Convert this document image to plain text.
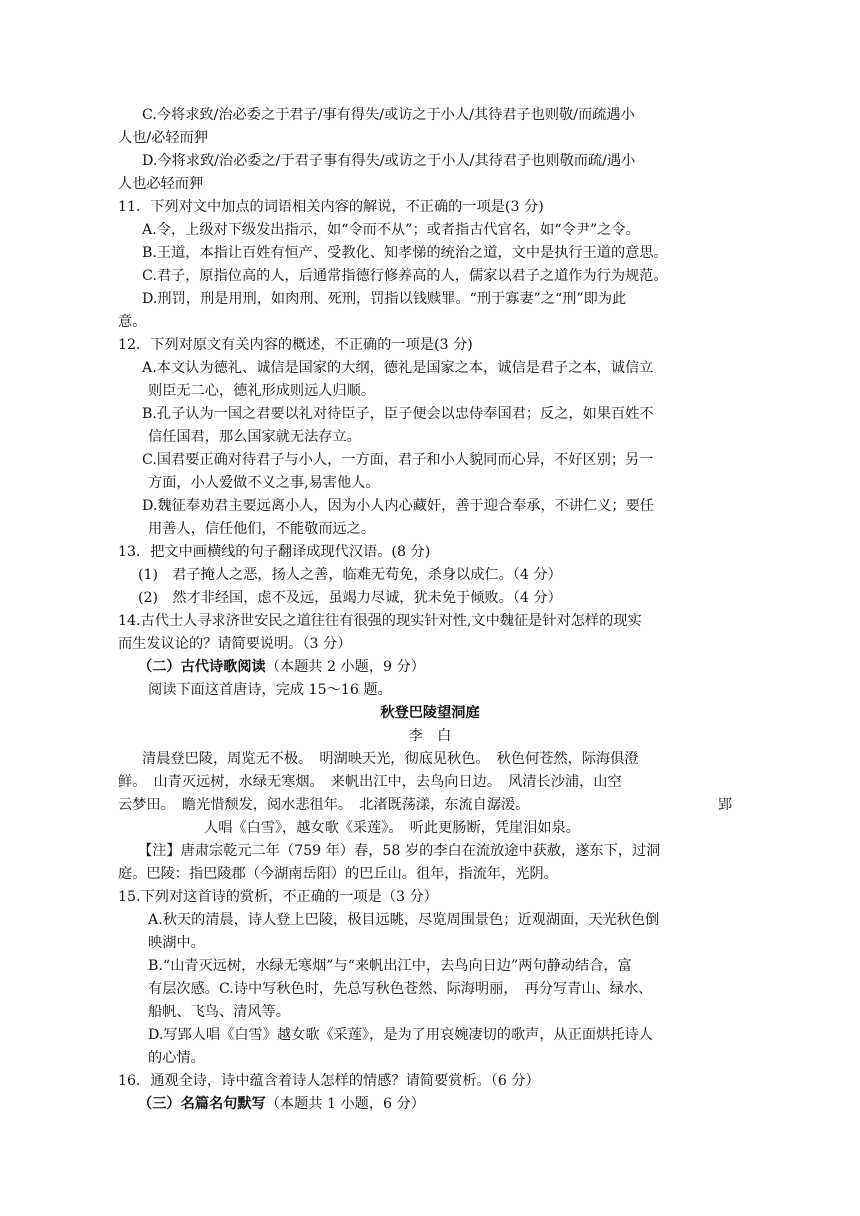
C.今将求致/治必委之于君子/事有得失/或访之于小人/其待君子也则敬/而疏遇小
人也/必轻而狎
D.今将求致/治必委之/于君子事有得失/或访之于小人/其待君子也则敬而疏/遇小
人也必轻而狎
11．下列对文中加点的词语相关内容的解说，不正确的一项是(3 分)
A.令，上级对下级发出指示，如“令而不从”；或者指古代官名，如“令尹”之令。
B.王道，本指让百姓有恒产、受教化、知孝悌的统治之道，文中是执行王道的意思。
C.君子，原指位高的人，后通常指德行修养高的人，儒家以君子之道作为行为规范。
D.刑罚，刑是用刑，如肉刑、死刑，罚指以钱赎罪。“刑于寡妻”之“刑”即为此
意。
12．下列对原文有关内容的概述，不正确的一项是(3 分)
A.本文认为德礼、诚信是国家的大纲，德礼是国家之本，诚信是君子之本，诚信立
则臣无二心，德礼形成则远人归顺。
B.孔子认为一国之君要以礼对待臣子，臣子便会以忠侍奉国君；反之，如果百姓不
信任国君，那么国家就无法存立。
C.国君要正确对待君子与小人，一方面，君子和小人貌同而心异，不好区别；另一
方面，小人爱做不义之事,易害他人。
D.魏征奉劝君主要远离小人，因为小人内心藏奸，善于迎合奉承，不讲仁义；要任
用善人，信任他们，不能敬而远之。
13．把文中画横线的句子翻译成现代汉语。(8 分)
(1)　君子掩人之恶，扬人之善，临难无苟免，杀身以成仁。（4 分）
(2)　然才非经国，虑不及远，虽竭力尽诚，犹未免于倾败。（4 分）
14.古代士人寻求济世安民之道往往有很强的现实针对性,文中魏征是针对怎样的现实
而生发议论的？请简要说明。（3 分）
（二）古代诗歌阅读（本题共 2 小题，9 分）
阅读下面这首唐诗，完成 15～16 题。
秋登巴陵望洞庭
李　白
清晨登巴陵，周览无不极。　明湖映天光，彻底见秋色。　秋色何苍然，际海俱澄
鲜。　山青灭远树，水绿无寒烟。　来帆出江中，去鸟向日边。　风清长沙浦，山空
云梦田。　瞻光惜颓发，阅水悲徂年。　北渚既荡漾，东流自潺湲。	郢
人唱《白雪》，越女歌《采莲》。　听此更肠断，凭崖泪如泉。
【注】唐肃宗乾元二年（759 年）春，58 岁的李白在流放途中获赦，遂东下，过洞
庭。巴陵：指巴陵郡（今湖南岳阳）的巴丘山。徂年，指流年，光阴。
15.下列对这首诗的赏析，不正确的一项是（3 分）
A.秋天的清晨，诗人登上巴陵，极目远眺，尽览周围景色；近观湖面，天光秋色倒
映湖中。
B.“山青灭远树，水绿无寒烟”与“来帆出江中，去鸟向日边”两句静动结合，富
有层次感。C.诗中写秋色时，先总写秋色苍然、际海明丽，　再分写青山、绿水、
船帆、飞鸟、清风等。
D.写郢人唱《白雪》越女歌《采莲》，是为了用哀婉凄切的歌声，从正面烘托诗人
的心情。
16．通观全诗，诗中蕴含着诗人怎样的情感？请简要赏析。（6 分）
（三）名篇名句默写（本题共 1 小题，6 分）
